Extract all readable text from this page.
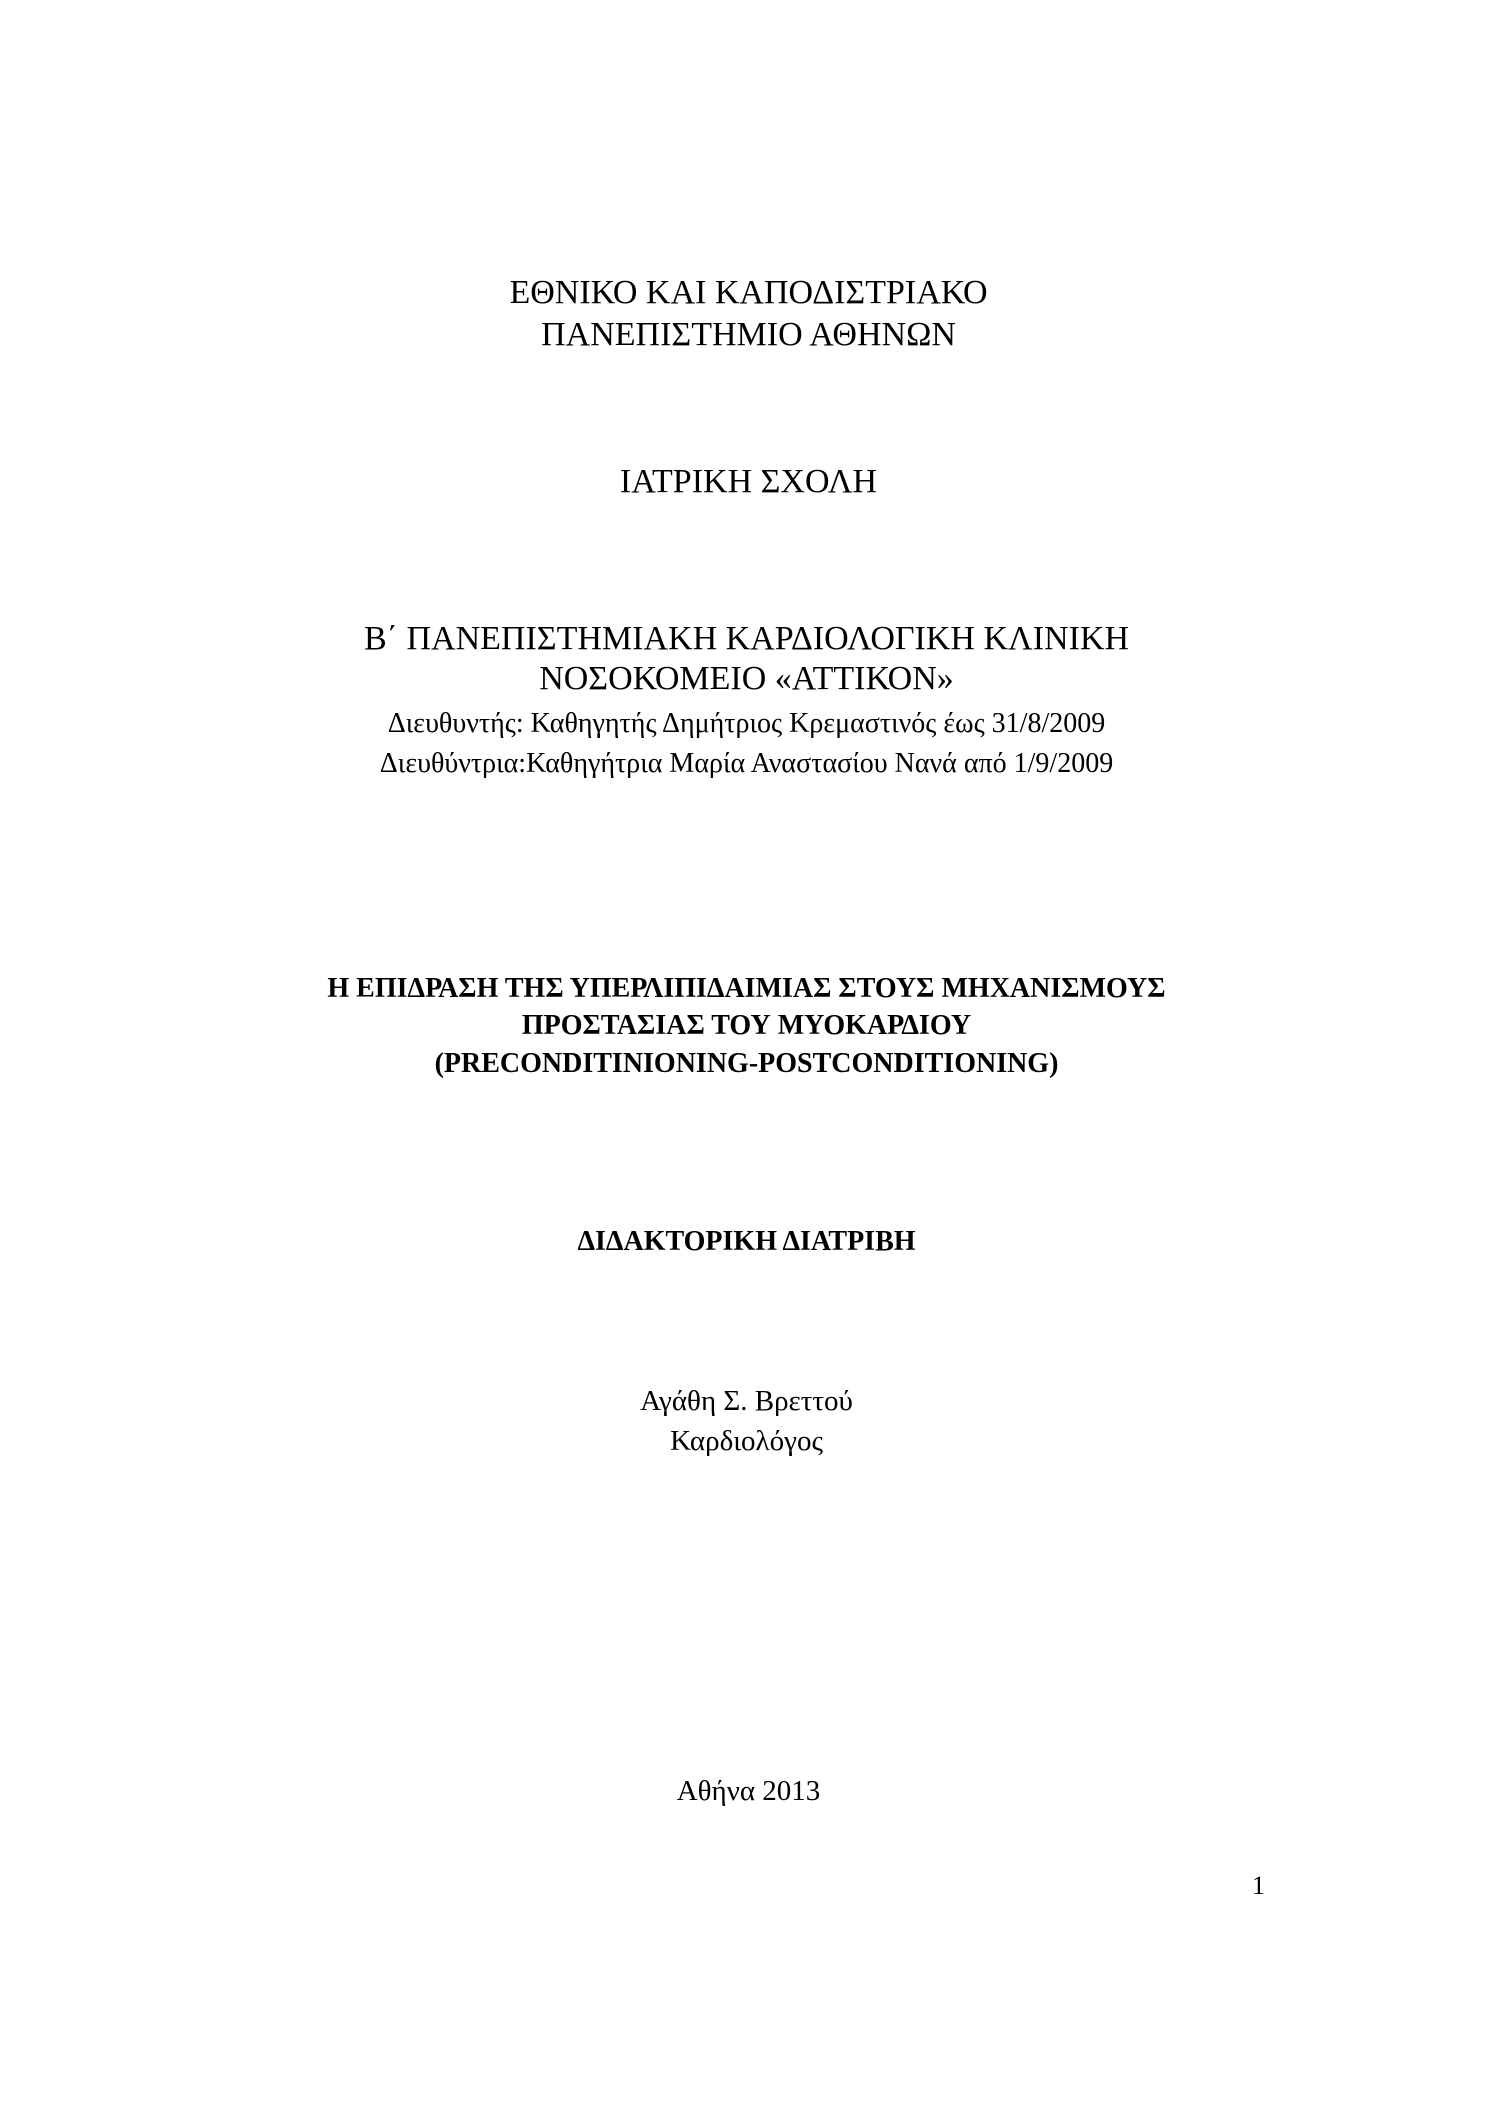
ΕΘΝΙΚΟ ΚΑΙ ΚΑΠΟΔΙΣΤΡΙΑΚΟ
ΠΑΝΕΠΙΣΤΗΜΙΟ ΑΘΗΝΩΝ
ΙΑΤΡΙΚΗ ΣΧΟΛΗ
Β΄ ΠΑΝΕΠΙΣΤΗΜΙΑΚΗ ΚΑΡΔΙΟΛΟΓΙΚΗ ΚΛΙΝΙΚΗ
ΝΟΣΟΚΟΜΕΙΟ «ΑΤΤΙΚΟΝ»
Διευθυντής: Καθηγητής Δημήτριος Κρεμαστινός έως 31/8/2009
Διευθύντρια:Καθηγήτρια Μαρία Αναστασίου Νανά από 1/9/2009
Η ΕΠΙΔΡΑΣΗ ΤΗΣ ΥΠΕΡΛΙΠΙΔΑΙΜΙΑΣ ΣΤΟΥΣ ΜΗΧΑΝΙΣΜΟΥΣ
ΠΡΟΣΤΑΣΙΑΣ ΤΟΥ ΜΥΟΚΑΡΔΙΟΥ
(PRECONDITINIONING-POSTCONDITIONING)
ΔΙΔΑΚΤΟΡΙΚΗ ΔΙΑΤΡΙΒΗ
Αγάθη Σ. Βρεττού
Καρδιολόγος
Αθήνα 2013
1
